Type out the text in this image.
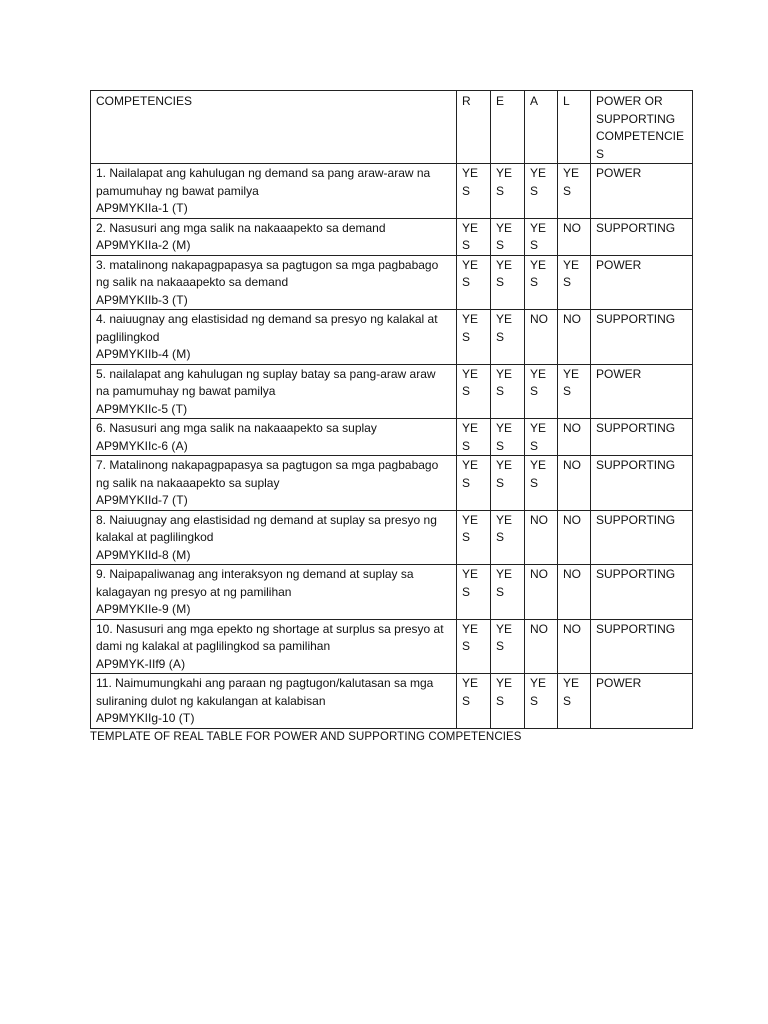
COMPETENCIES	R	E	A	L	POWER OR SUPPORTING COMPETENCIES

1. Nailalapat ang kahulugan ng demand sa pang araw-araw na pamumuhay ng bawat pamilya
AP9MYKIIa-1 (T)	YES	YES	YES	YES	POWER

2. Nasusuri ang mga salik na nakaaapekto sa demand
AP9MYKIIa-2 (M)	YES	YES	YES	NO	SUPPORTING

3. matalinong nakapagpapasya sa pagtugon sa mga pagbabago ng salik na nakaaapekto sa demand
AP9MYKIIb-3 (T)	YES	YES	YES	YES	POWER

4. naiuugnay ang elastisidad ng demand sa presyo ng kalakal at paglilingkod
AP9MYKIIb-4 (M)	YES	YES	NO	NO	SUPPORTING

5. nailalapat ang kahulugan ng suplay batay sa pang-araw araw na pamumuhay ng bawat pamilya
AP9MYKIIc-5 (T)	YES	YES	YES	YES	POWER

6. Nasusuri ang mga salik na nakaaapekto sa suplay
AP9MYKIIc-6 (A)	YES	YES	YES	NO	SUPPORTING

7. Matalinong nakapagpapasya sa pagtugon sa mga pagbabago ng salik na nakaaapekto sa suplay
AP9MYKIId-7 (T)	YES	YES	YES	NO	SUPPORTING

8. Naiuugnay ang elastisidad ng demand at suplay sa presyo ng kalakal at paglilingkod
AP9MYKIId-8 (M)	YES	YES	NO	NO	SUPPORTING

9. Naipapaliwanag ang interaksyon ng demand at suplay sa kalagayan ng presyo at ng pamilihan
AP9MYKIIe-9 (M)	YES	YES	NO	NO	SUPPORTING

10. Nasusuri ang mga epekto ng shortage at surplus sa presyo at dami ng kalakal at paglilingkod sa pamilihan
AP9MYK-IIf9 (A)	YES	YES	NO	NO	SUPPORTING

11. Naimumungkahi ang paraan ng pagtugon/kalutasan sa mga suliraning dulot ng kakulangan at kalabisan
AP9MYKIIg-10 (T)	YES	YES	YES	YES	POWER
TEMPLATE OF REAL TABLE FOR POWER AND SUPPORTING COMPETENCIES
